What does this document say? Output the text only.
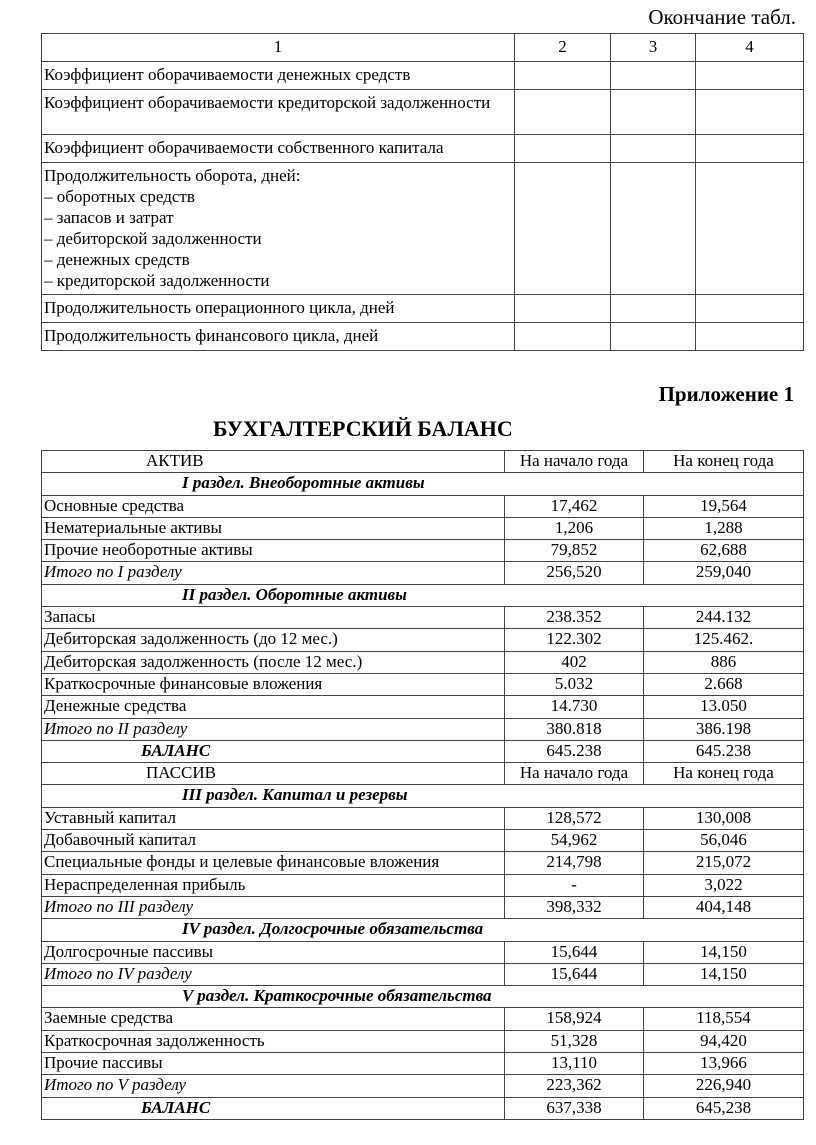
Окончание табл.
1	2	3	4
Коэффициент оборачиваемости денежных средств			
Коэффициент оборачиваемости кредиторской задолженности			
Коэффициент оборачиваемости собственного капитала			

Продолжительность оборота, дней:
– оборотных средств
– запасов и затрат
– дебиторской задолженности
– денежных средств
– кредиторской задолженности

Продолжительность операционного цикла, дней			
Продолжительность финансового цикла, дней			
Приложение 1
БУХГАЛТЕРСКИЙ БАЛАНС
АКТИВ	На начало года	На конец года
I раздел. Внеоборотные активы		
Основные средства	17,462	19,564
Нематериальные активы	1,206	1,288
Прочие необоротные активы	79,852	62,688
Итого по I разделу	256,520	259,040
II раздел. Оборотные активы		
Запасы	238.352	244.132
Дебиторская задолженность (до 12 мес.)	122.302	125.462.
Дебиторская задолженность (после 12 мес.)	402	886
Краткосрочные финансовые вложения	5.032	2.668
Денежные средства	14.730	13.050
Итого по II разделу	380.818	386.198
БАЛАНС	645.238	645.238
ПАССИВ	На начало года	На конец года
III раздел. Капитал и резервы		
Уставный капитал	128,572	130,008
Добавочный капитал	54,962	56,046
Специальные фонды и целевые финансовые вложения	214,798	215,072
Нераспределенная прибыль	-	3,022
Итого по III разделу	398,332	404,148
IV раздел. Долгосрочные обязательства		
Долгосрочные пассивы	15,644	14,150
Итого по IV разделу	15,644	14,150
V раздел. Краткосрочные обязательства		
Заемные средства	158,924	118,554
Краткосрочная задолженность	51,328	94,420
Прочие пассивы	13,110	13,966
Итого по V разделу	223,362	226,940
БАЛАНС	637,338	645,238
